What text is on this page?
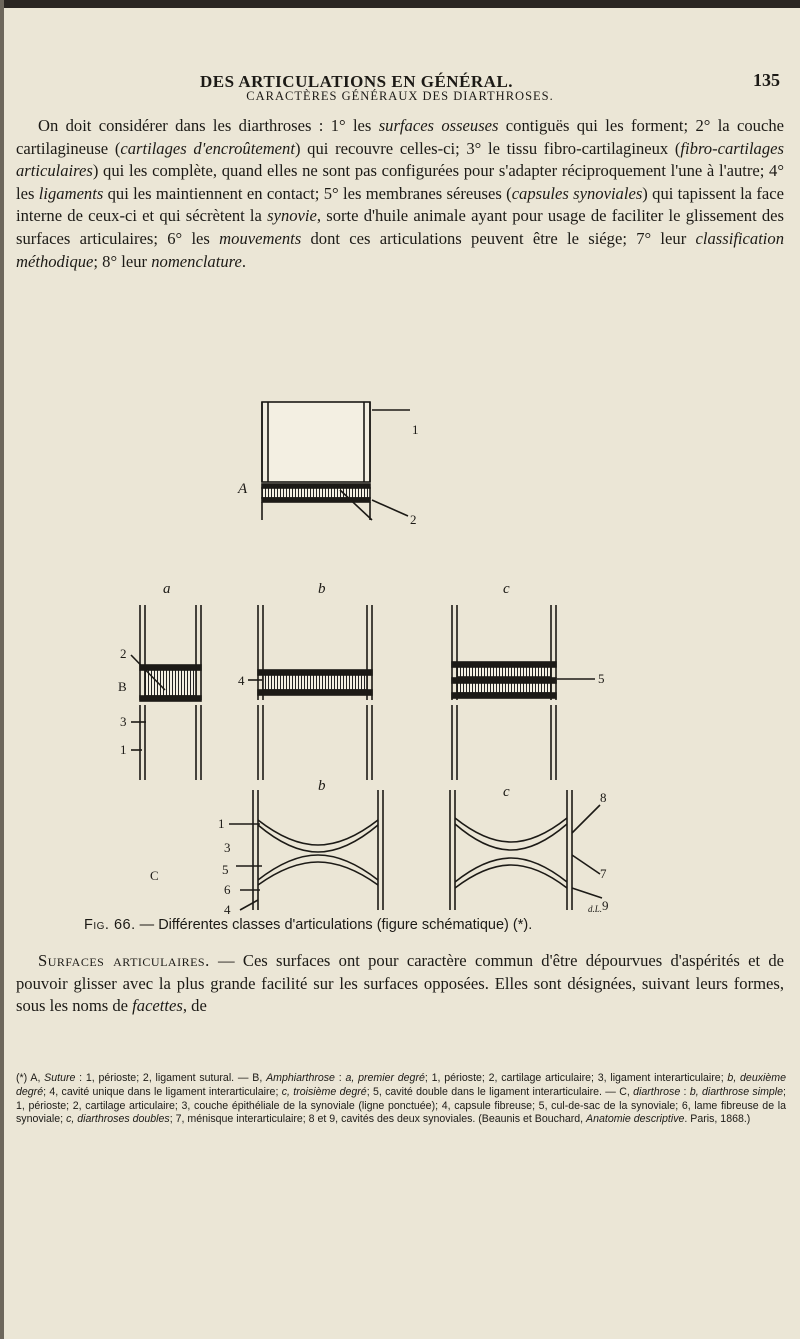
DES ARTICULATIONS EN GÉNÉRAL.	135
CARACTÈRES GÉNÉRAUX DES DIARTHROSES.

On doit considérer dans les diarthroses : 1° les surfaces osseuses contiguës qui les forment; 2° la couche cartilagineuse (cartilages d'encroûtement) qui recouvre celles-ci; 3° le tissu fibro-cartilagineux (fibro-cartilages articulaires) qui les complète, quand elles ne sont pas configurées pour s'adapter réciproquement l'une à l'autre; 4° les ligaments qui les maintiennent en contact; 5° les membranes séreuses (capsules synoviales) qui tapissent la face interne de ceux-ci et qui sécrètent la synovie, sorte d'huile animale ayant pour usage de faciliter le glissement des surfaces articulaires; 6° les mouvements dont ces articulations peuvent être le siége; 7° leur classification méthodique; 8° leur nomenclature.

A
1
2
a	b	c
2
B
3
1
4	5
b	c
1
3
C	5
6
4
8
7
9
d.L.
Fig. 66. — Différentes classes d'articulations (figure schématique) (*).

Surfaces articulaires. — Ces surfaces ont pour caractère commun d'être dépourvues d'aspérités et de pouvoir glisser avec la plus grande facilité sur les surfaces opposées. Elles sont désignées, suivant leurs formes, sous les noms de facettes, de

(*) A, Suture : 1, périoste; 2, ligament sutural. — B, Amphiarthrose : a, premier degré; 1, périoste; 2, cartilage articulaire; 3, ligament interarticulaire; b, deuxième degré; 4, cavité unique dans le ligament interarticulaire; c, troisième degré; 5, cavité double dans le ligament interarticulaire. — C, diarthrose : b, diarthrose simple; 1, périoste; 2, cartilage articulaire; 3, couche épithéliale de la synoviale (ligne ponctuée); 4, capsule fibreuse; 5, cul-de-sac de la synoviale; 6, lame fibreuse de la synoviale; c, diarthroses doubles; 7, ménisque interarticulaire; 8 et 9, cavités des deux synoviales. (Beaunis et Bouchard, Anatomie descriptive. Paris, 1868.)
